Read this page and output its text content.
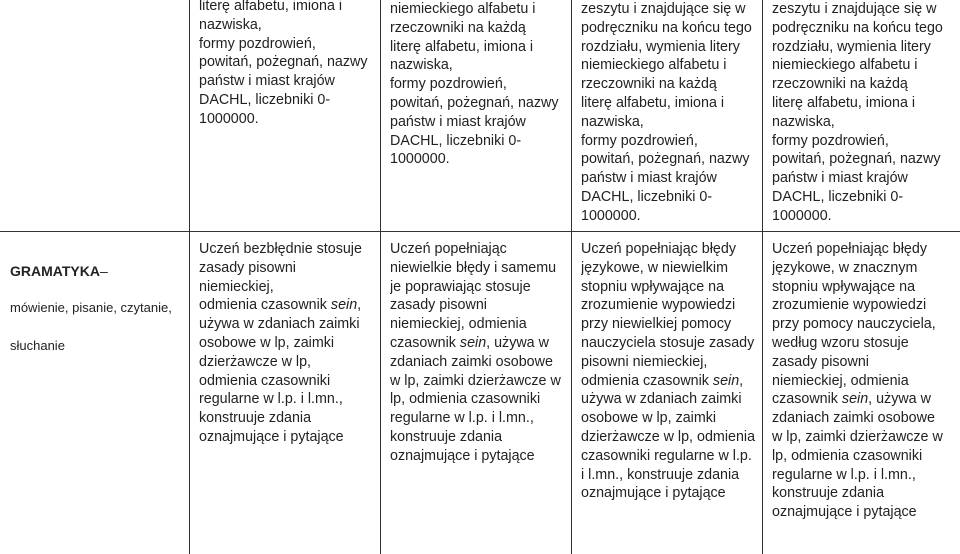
literę alfabetu, imiona i
nazwiska,
formy pozdrowień,
powitań, pożegnań, nazwy
państw i miast krajów
DACHL, liczebniki 0-
1000000.
niemieckiego alfabetu i
rzeczowniki na każdą
literę alfabetu, imiona i
nazwiska,
formy pozdrowień,
powitań, pożegnań, nazwy
państw i miast krajów
DACHL, liczebniki 0-
1000000.
zeszytu i znajdujące się w
podręczniku na końcu tego
rozdziału, wymienia litery
niemieckiego alfabetu i
rzeczowniki na każdą
literę alfabetu, imiona i
nazwiska,
formy pozdrowień,
powitań, pożegnań, nazwy
państw i miast krajów
DACHL, liczebniki 0-
1000000.
zeszytu i znajdujące się w
podręczniku na końcu tego
rozdziału, wymienia litery
niemieckiego alfabetu i
rzeczowniki na każdą
literę alfabetu, imiona i
nazwiska,
formy pozdrowień,
powitań, pożegnań, nazwy
państw i miast krajów
DACHL, liczebniki 0-
1000000.

GRAMATYKA–

mówienie, pisanie, czytanie,

słuchanie

Uczeń bezbłędnie stosuje
zasady pisowni
niemieckiej,
odmienia czasownik sein,
używa w zdaniach zaimki
osobowe w lp, zaimki
dzierżawcze w lp,
odmienia czasowniki
regularne w l.p. i l.mn.,
konstruuje zdania
oznajmujące i pytające
Uczeń popełniając
niewielkie błędy i samemu
je poprawiając stosuje
zasady pisowni
niemieckiej, odmienia
czasownik sein, używa w
zdaniach zaimki osobowe
w lp, zaimki dzierżawcze w
lp, odmienia czasowniki
regularne w l.p. i l.mn.,
konstruuje zdania
oznajmujące i pytające
Uczeń popełniając błędy
językowe, w niewielkim
stopniu wpływające na
zrozumienie wypowiedzi
przy niewielkiej pomocy
nauczyciela stosuje zasady
pisowni niemieckiej,
odmienia czasownik sein,
używa w zdaniach zaimki
osobowe w lp, zaimki
dzierżawcze w lp, odmienia
czasowniki regularne w l.p.
i l.mn., konstruuje zdania
oznajmujące i pytające
Uczeń popełniając błędy
językowe, w znacznym
stopniu wpływające na
zrozumienie wypowiedzi
przy pomocy nauczyciela,
według wzoru stosuje
zasady pisowni
niemieckiej, odmienia
czasownik sein, używa w
zdaniach zaimki osobowe
w lp, zaimki dzierżawcze w
lp, odmienia czasowniki
regularne w l.p. i l.mn.,
konstruuje zdania
oznajmujące i pytające
